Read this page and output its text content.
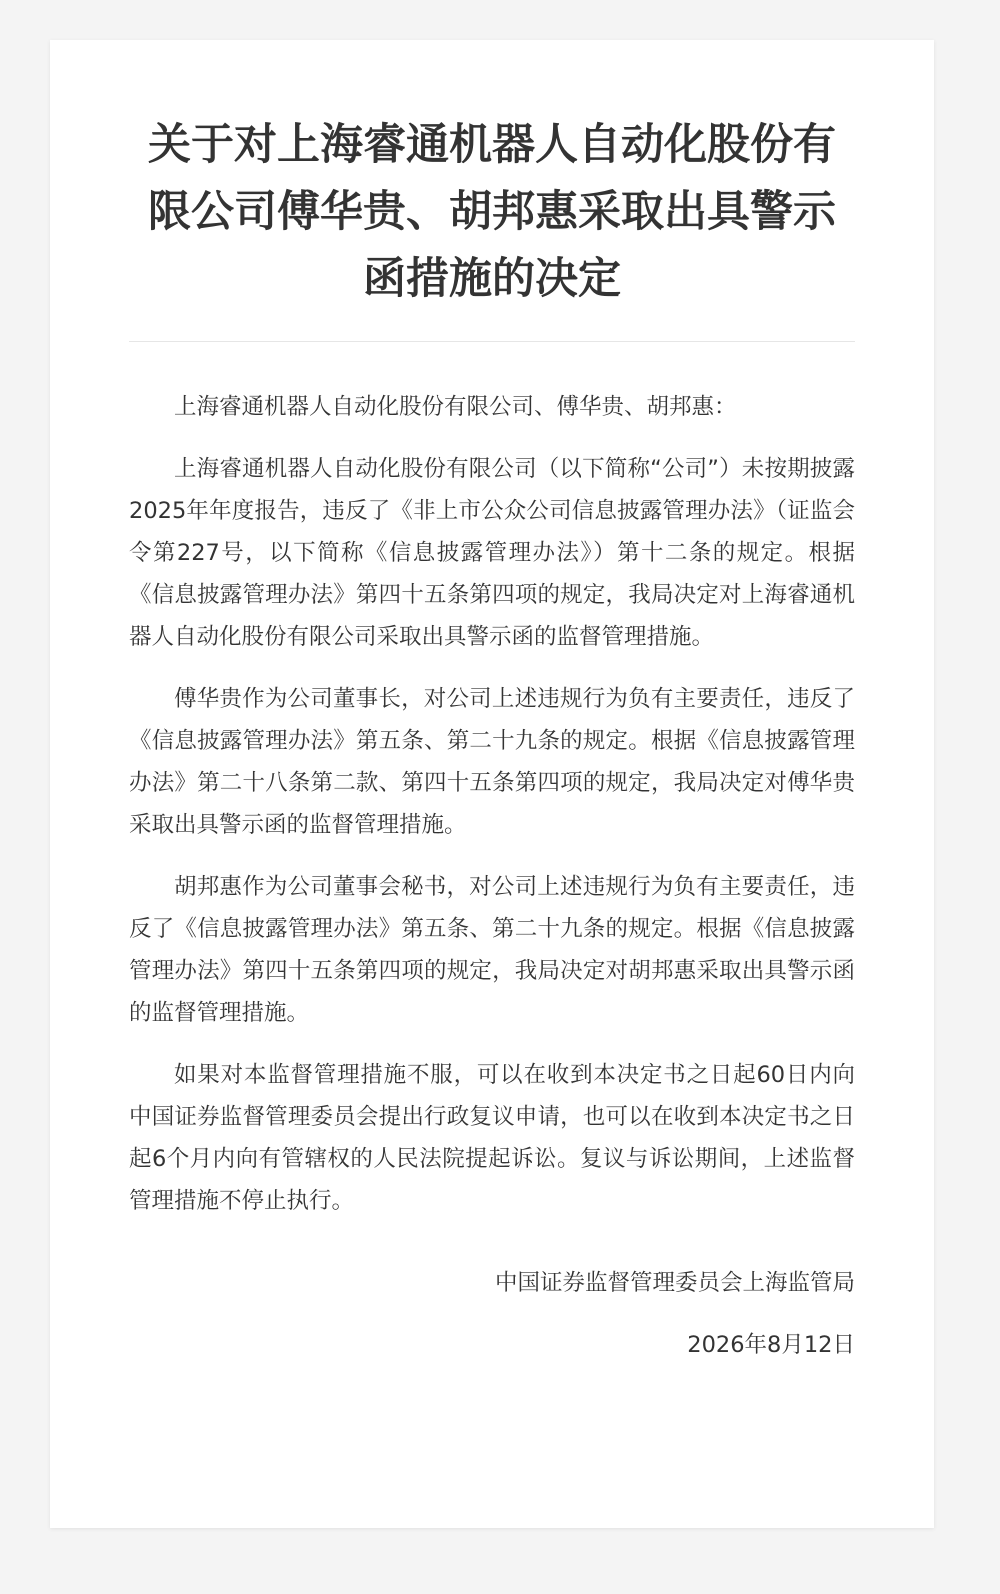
关于对上海睿通机器人自动化股份有限公司傅华贵、胡邦惠采取出具警示函措施的决定

上海睿通机器人自动化股份有限公司、傅华贵、胡邦惠：

上海睿通机器人自动化股份有限公司（以下简称“公司”）未按期披露2025年年度报告，违反了《非上市公众公司信息披露管理办法》（证监会令第227号，以下简称《信息披露管理办法》）第十二条的规定。根据《信息披露管理办法》第四十五条第四项的规定，我局决定对上海睿通机器人自动化股份有限公司采取出具警示函的监督管理措施。

傅华贵作为公司董事长，对公司上述违规行为负有主要责任，违反了《信息披露管理办法》第五条、第二十九条的规定。根据《信息披露管理办法》第二十八条第二款、第四十五条第四项的规定，我局决定对傅华贵采取出具警示函的监督管理措施。

胡邦惠作为公司董事会秘书，对公司上述违规行为负有主要责任，违反了《信息披露管理办法》第五条、第二十九条的规定。根据《信息披露管理办法》第四十五条第四项的规定，我局决定对胡邦惠采取出具警示函的监督管理措施。

如果对本监督管理措施不服，可以在收到本决定书之日起60日内向中国证券监督管理委员会提出行政复议申请，也可以在收到本决定书之日起6个月内向有管辖权的人民法院提起诉讼。复议与诉讼期间，上述监督管理措施不停止执行。

中国证券监督管理委员会上海监管局
2026年8月12日
